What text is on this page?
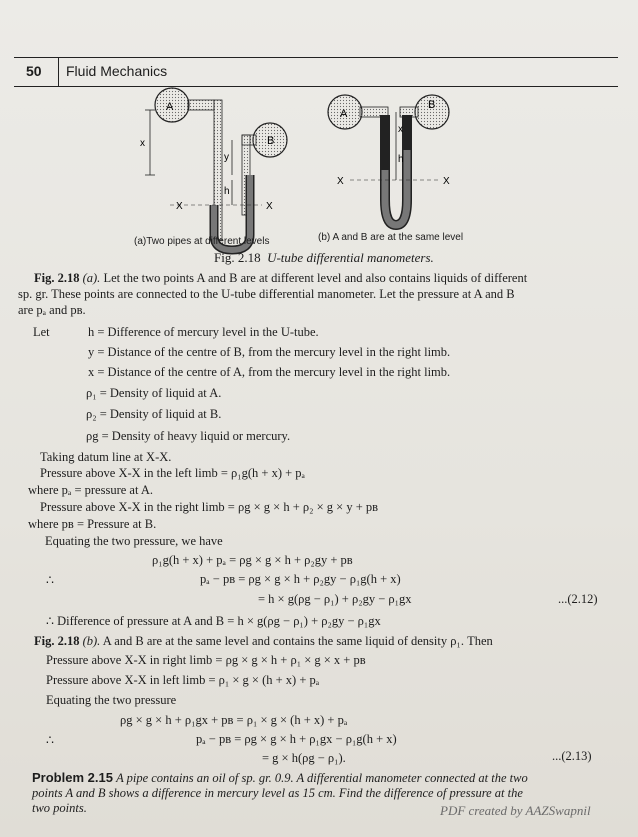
50 Fluid Mechanics
A
B
x
y
h
X	X
A
B
x
h
X	X
(a)Two pipes at different levels	(b) A and B are at the same level
Fig. 2.18 U-tube differential manometers.
Fig. 2.18 (a). Let the two points A and B are at different level and also contains liquids of different
sp. gr. These points are connected to the U-tube differential manometer. Let the pressure at A and B
are pₐ and pʙ.
Let	h = Difference of mercury level in the U-tube.
y = Distance of the centre of B, from the mercury level in the right limb.
x = Distance of the centre of A, from the mercury level in the right limb.
ρ₁ = Density of liquid at A.
ρ₂ = Density of liquid at B.
ρg = Density of heavy liquid or mercury.
Taking datum line at X-X.
Pressure above X-X in the left limb = ρ₁g(h + x) + pₐ
where pₐ = pressure at A.
Pressure above X-X in the right limb = ρg × g × h + ρ₂ × g × y + pʙ
where pʙ = Pressure at B.
Equating the two pressure, we have
ρ₁g(h + x) + pₐ = ρg × g × h + ρ₂gy + pʙ
∴	pₐ − pʙ = ρg × g × h + ρ₂gy − ρ₁g(h + x)
= h × g(ρg − ρ₁) + ρ₂gy − ρ₁gx	...(2.12)
∴ Difference of pressure at A and B = h × g(ρg − ρ₁) + ρ₂gy − ρ₁gx
Fig. 2.18 (b). A and B are at the same level and contains the same liquid of density ρ₁. Then
Pressure above X-X in right limb = ρg × g × h + ρ₁ × g × x + pʙ
Pressure above X-X in left limb = ρ₁ × g × (h + x) + pₐ
Equating the two pressure
ρg × g × h + ρ₁gx + pʙ = ρ₁ × g × (h + x) + pₐ
∴	pₐ − pʙ = ρg × g × h + ρ₁gx − ρ₁g(h + x)
= g × h(ρg − ρ₁).	...(2.13)
Problem 2.15 A pipe contains an oil of sp. gr. 0.9. A differential manometer connected at the two
points A and B shows a difference in mercury level as 15 cm. Find the difference of pressure at the
two points.	PDF created by AAZSwapnil
